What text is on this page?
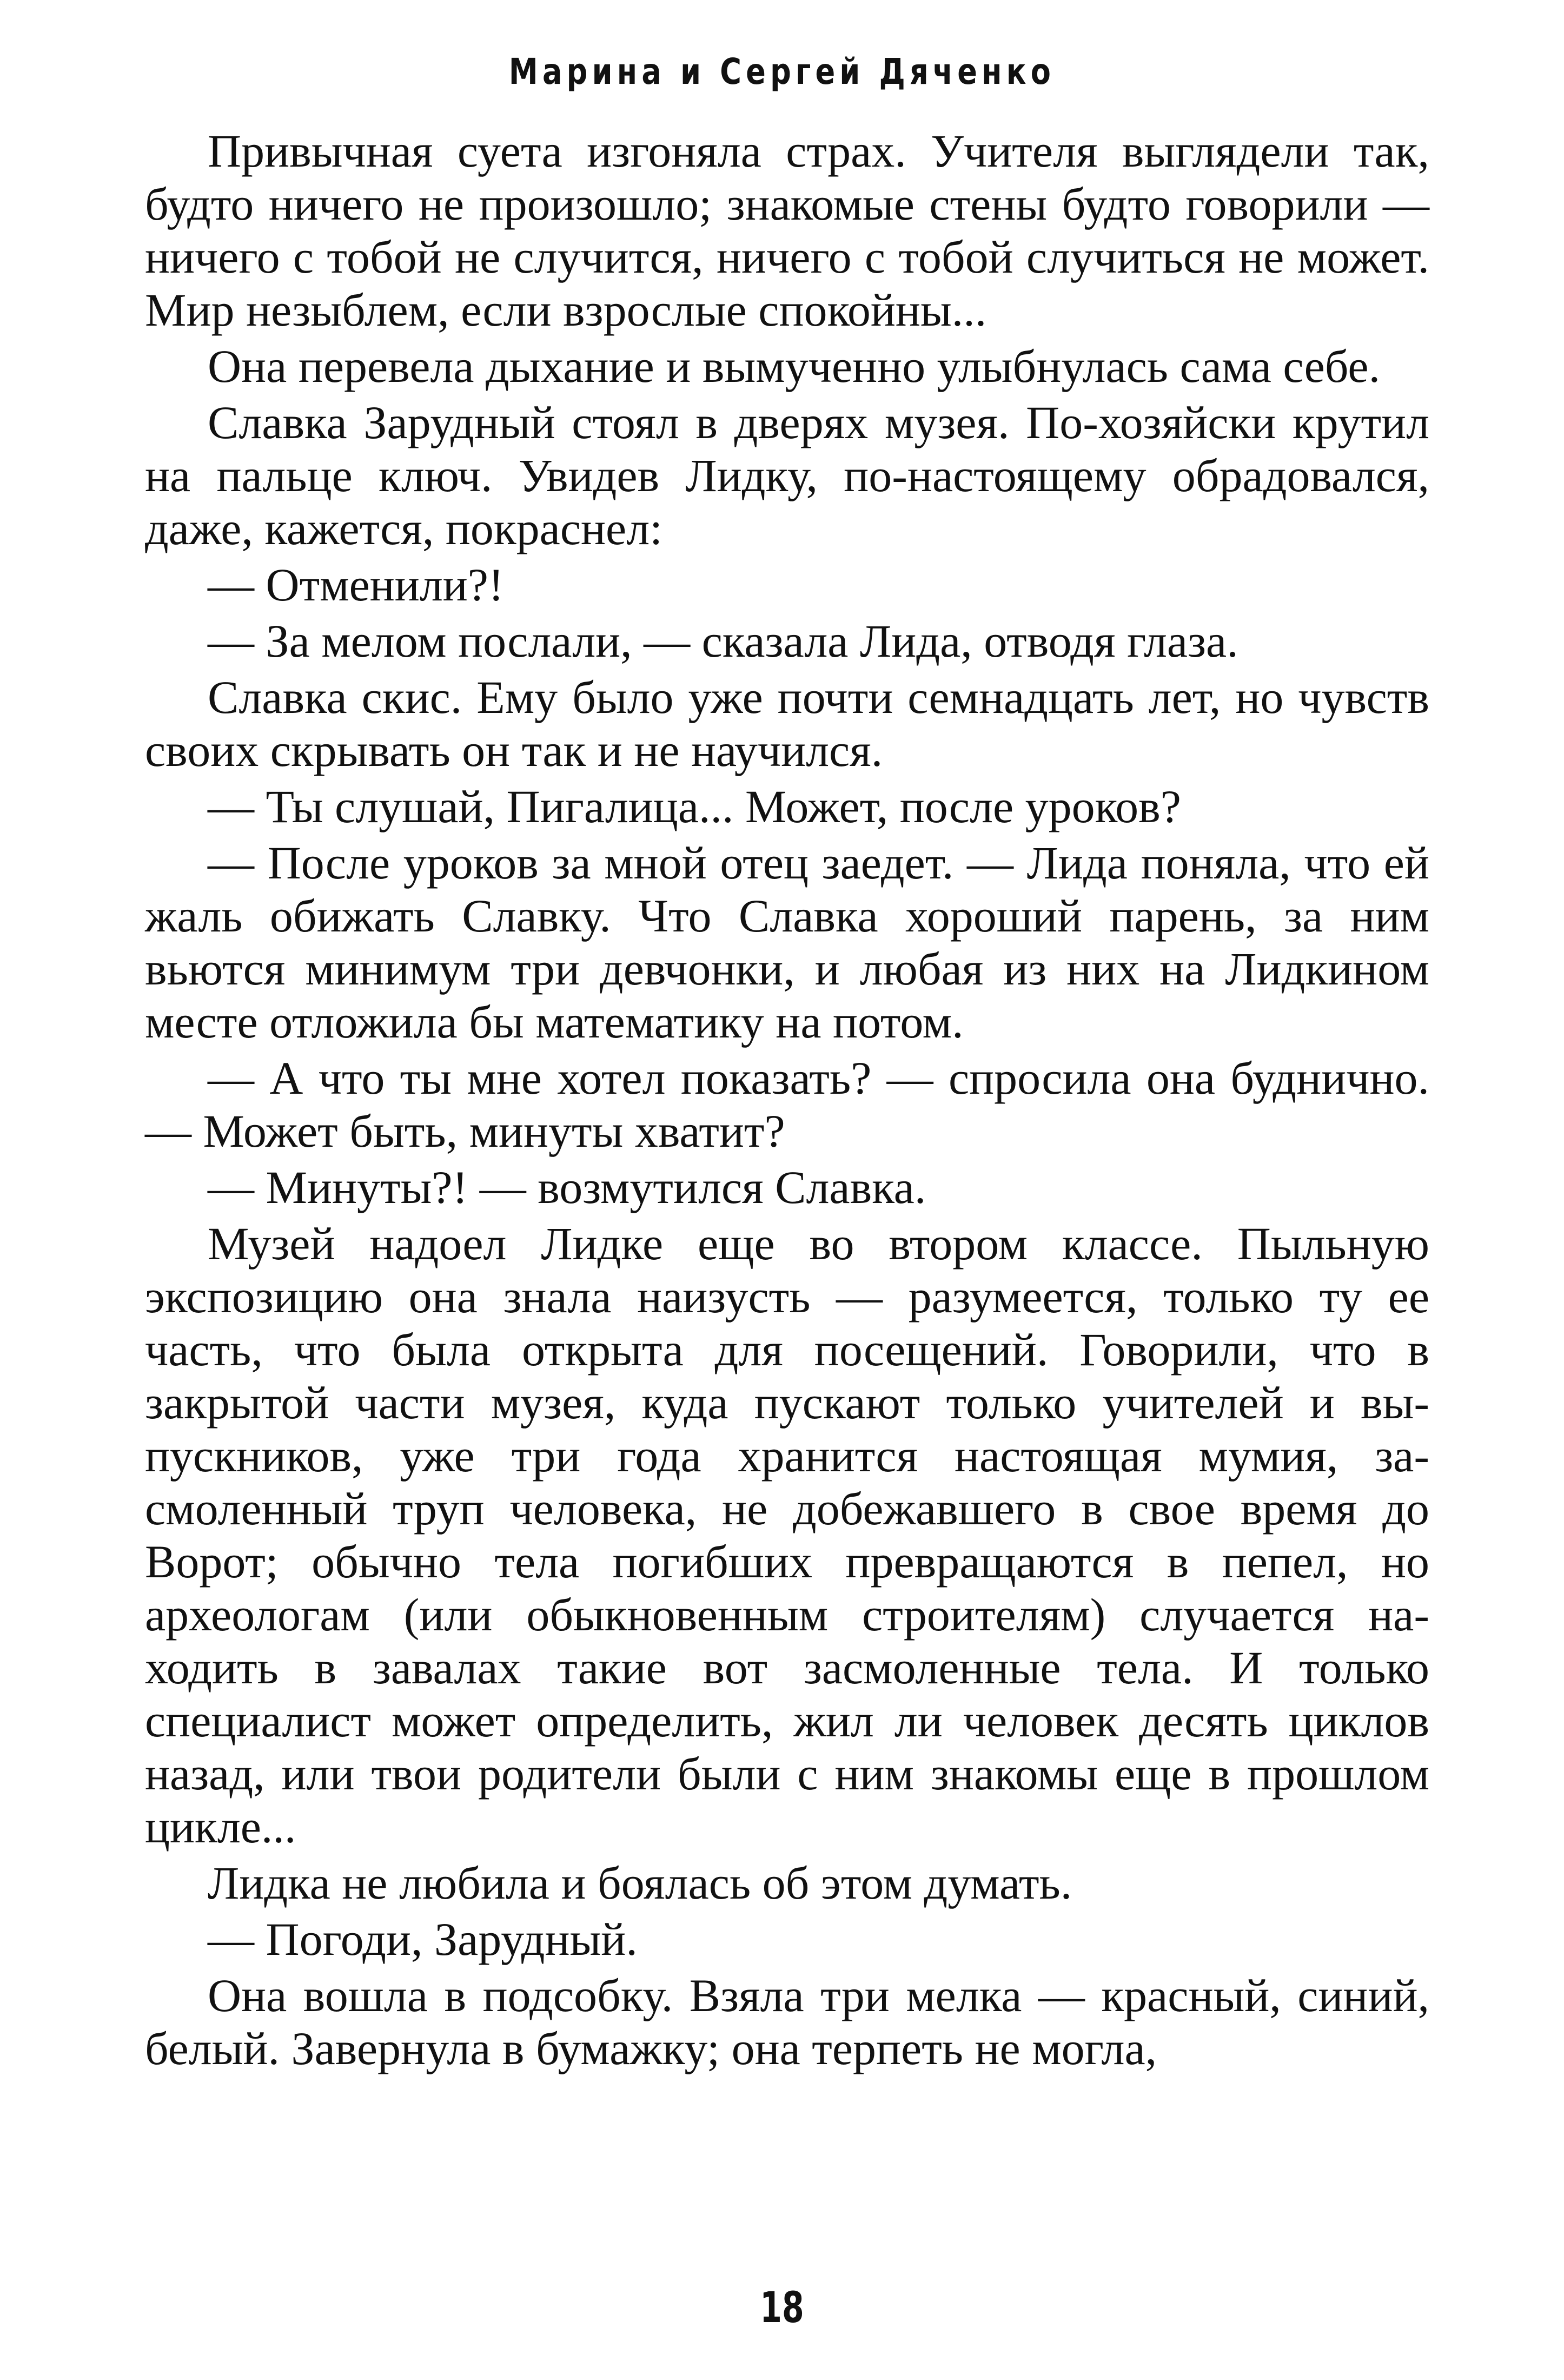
Марина и Сергей Дяченко

Привычная суета изгоняла страх. Учителя выглядели так, будто ничего не произошло; знакомые стены будто говорили — ничего с тобой не случится, ничего с тобой случиться не может. Мир незыблем, если взрослые спокойны...

Она перевела дыхание и вымученно улыбнулась сама себе.

Славка Зарудный стоял в дверях музея. По-хозяйски крутил на пальце ключ. Увидев Лидку, по-настоящему обрадовался, даже, кажется, покраснел:

— Отменили?!

— За мелом послали, — сказала Лида, отводя глаза.

Славка скис. Ему было уже почти семнадцать лет, но чувств своих скрывать он так и не научился.

— Ты слушай, Пигалица... Может, после уроков?

— После уроков за мной отец заедет. — Лида поняла, что ей жаль обижать Славку. Что Славка хороший парень, за ним вьются минимум три девчонки, и любая из них на Лидкином месте отложила бы математику на потом.

— А что ты мне хотел показать? — спросила она буднично. — Может быть, минуты хватит?

— Минуты?! — возмутился Славка.

Музей надоел Лидке еще во втором классе. Пыльную экспозицию она знала наизусть — разумеется, только ту ее часть, что была открыта для посещений. Говорили, что в закрытой части музея, куда пускают только учителей и выпускников, уже три года хранится настоящая мумия, засмоленный труп человека, не добежавшего в свое время до Ворот; обычно тела погибших превращаются в пепел, но археологам (или обыкновенным строителям) случается находить в завалах такие вот засмоленные тела. И только специалист может определить, жил ли человек десять циклов назад, или твои родители были с ним знакомы еще в прошлом цикле...

Лидка не любила и боялась об этом думать.

— Погоди, Зарудный.

Она вошла в подсобку. Взяла три мелка — красный, синий, белый. Завернула в бумажку; она терпеть не могла,

18
